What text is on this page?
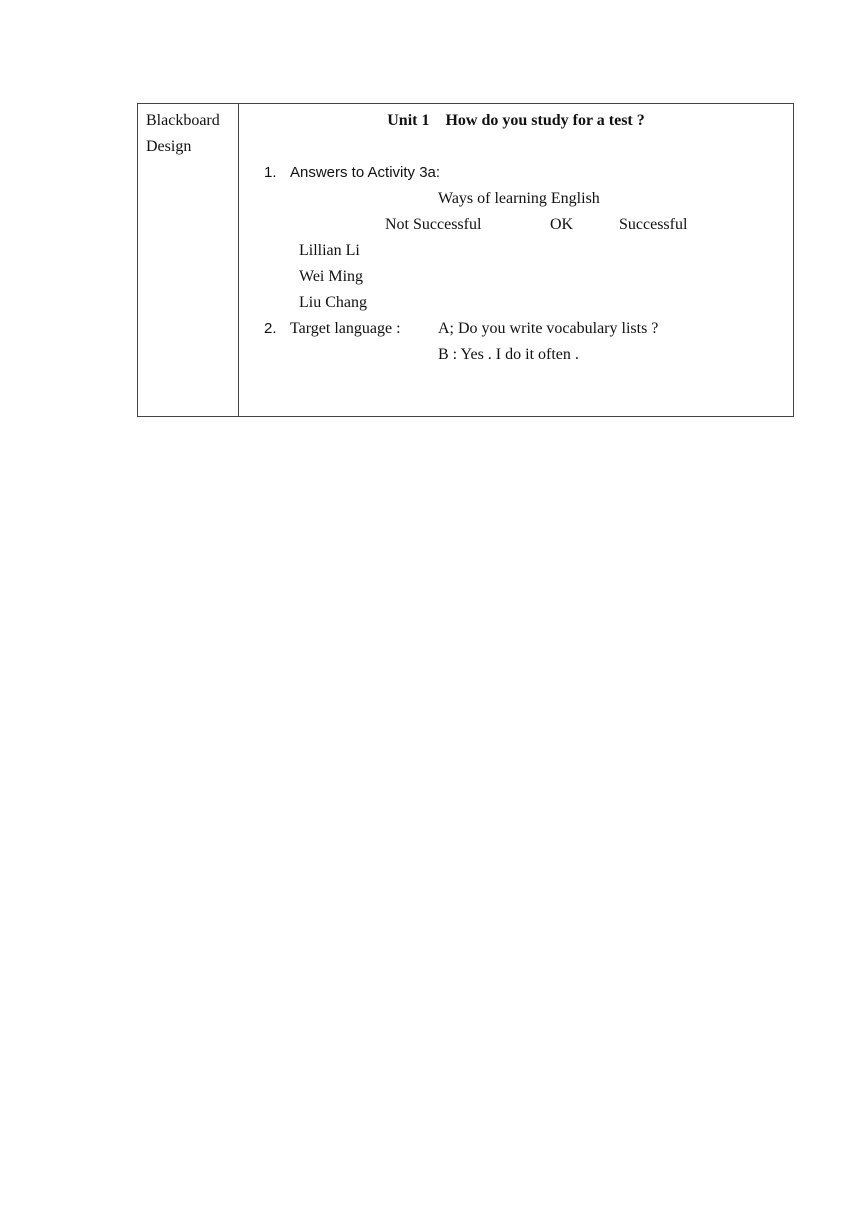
Blackboard
Design
Unit 1    How do you study for a test ?
1. Answers to Activity 3a:
Ways of learning English
Not Successful	OK	Successful
Lillian Li
Wei Ming
Liu Chang
2. Target language : A; Do you write vocabulary lists ?
B : Yes . I do it often .
